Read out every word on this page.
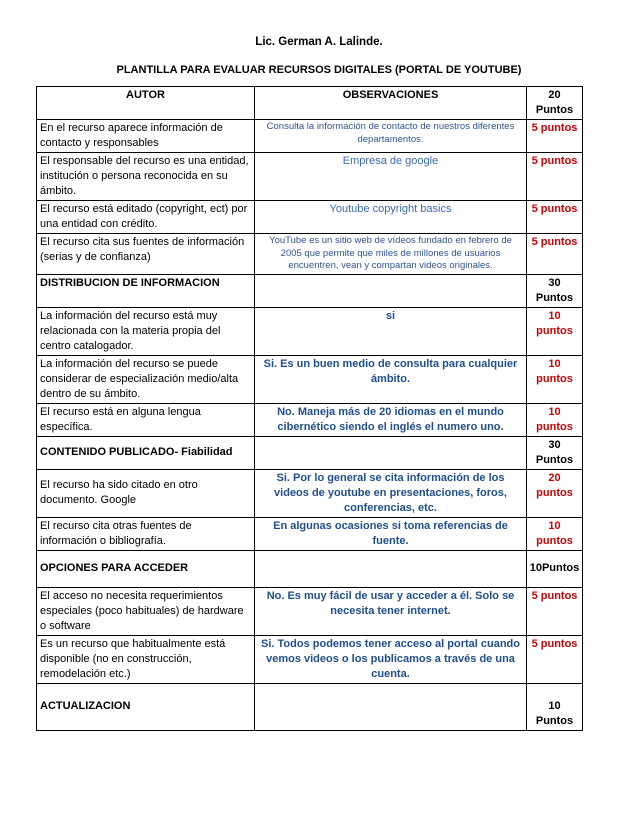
Lic. German A. Lalinde.
PLANTILLA PARA EVALUAR RECURSOS DIGITALES (PORTAL DE YOUTUBE)
AUTOR	OBSERVACIONES	20 Puntos
En el recurso aparece información de contacto y responsables	Consulta la información de contacto de nuestros diferentes departamentos.	5 puntos
El responsable del recurso es una entidad, institución o persona reconocida en su ámbito.	Empresa de google	5 puntos
El recurso está editado (copyright, ect) por una entidad con crédito.	Youtube copyright basics	5 puntos
El recurso cita sus fuentes de información (serias y de confianza)	YouTube es un sitio web de vídeos fundado en febrero de 2005 que permite que miles de millones de usuarios encuentren, vean y compartan videos originales.	5 puntos
DISTRIBUCION DE INFORMACION		30 Puntos
La información del recurso está muy relacionada con la materia propia del centro catalogador.	si	10 puntos
La información del recurso se puede considerar de especialización medio/alta dentro de su ámbito.	Si. Es un buen medio de consulta para cualquier ámbito.	10 puntos
El recurso está en alguna lengua específica.	No. Maneja más de 20 idiomas en el mundo cibernético siendo el inglés el numero uno.	10 puntos
CONTENIDO PUBLICADO- Fiabilidad		30 Puntos
El recurso ha sido citado en otro documento. Google	Si. Por lo general se cita información de los videos de youtube en presentaciones, foros, conferencias, etc.	20 puntos
El recurso cita otras fuentes de información o bibliografía.	En algunas ocasiones si toma referencias de fuente.	10 puntos
OPCIONES PARA ACCEDER		10Puntos
El acceso no necesita requerimientos especiales (poco habituales) de hardware o software	No. Es muy fácil de usar y acceder a él. Solo se necesita tener internet.	5 puntos
Es un recurso que habitualmente está disponible (no en construcción, remodelación etc.)	Si. Todos podemos tener acceso al portal cuando vemos videos o los publicamos a través de una cuenta.	5 puntos
ACTUALIZACION		10 Puntos
